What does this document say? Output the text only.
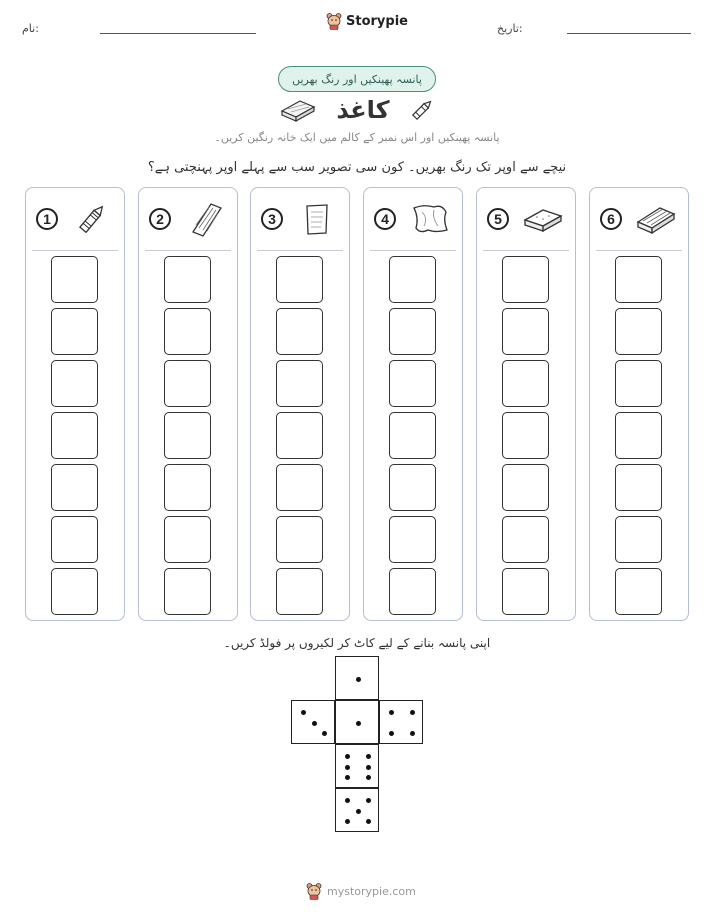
نام:	تاریخ:
Storypie
پانسہ پھینکیں اور رنگ بھریں
کاغذ
پانسہ پھینکیں اور اس نمبر کے کالم میں ایک خانہ رنگین کریں۔
نیچے سے اوپر تک رنگ بھریں۔ کون سی تصویر سب سے پہلے اوپر پہنچتی ہے؟
1	2	3	4	5	6
اپنی پانسہ بنانے کے لیے کاٹ کر لکیروں پر فولڈ کریں۔
mystorypie.com
